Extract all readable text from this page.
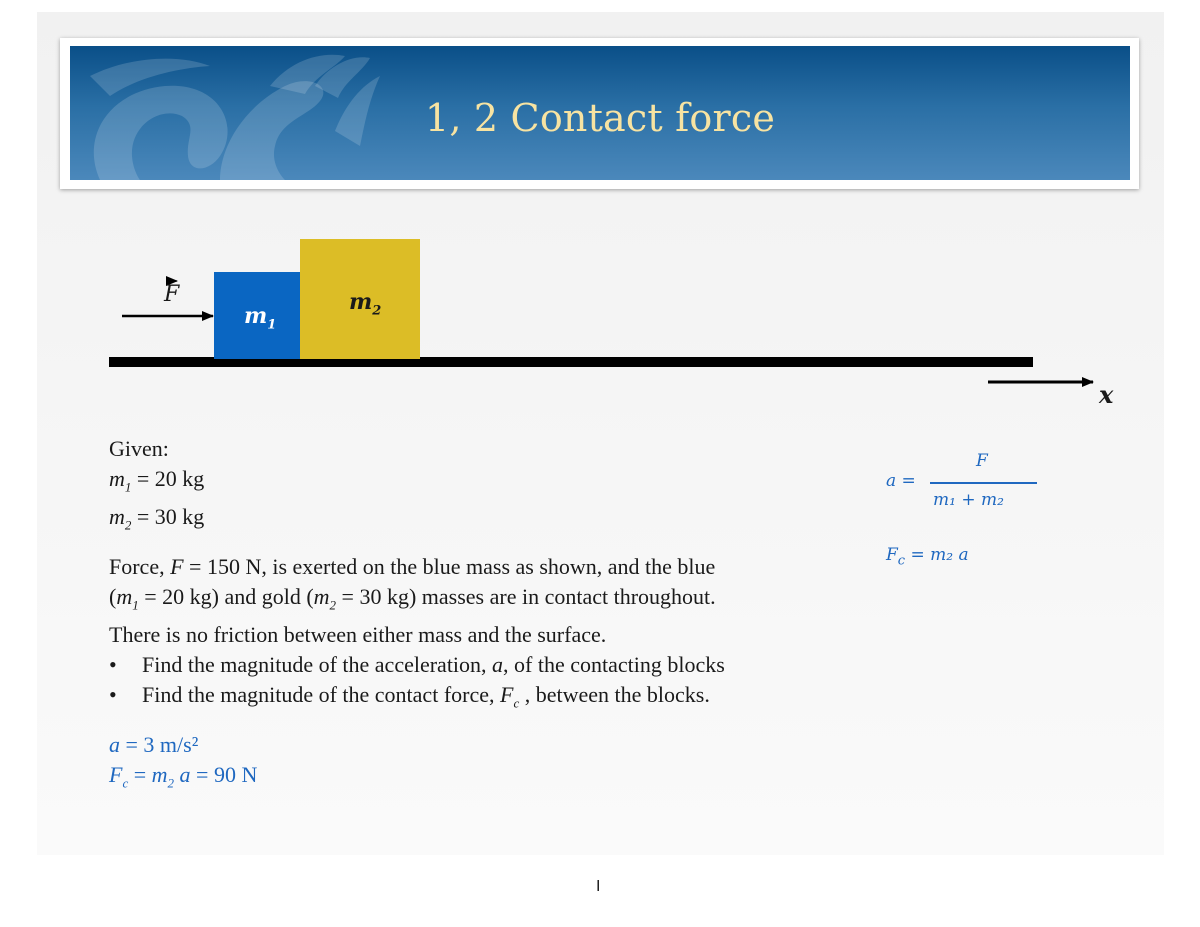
1, 2 Contact force
F
$m_1$
$m_2$
x
Given:
$m_1 = 20$ kg
$m_2 = 30$ kg
Force, F = 150 N, is exerted on the blue mass as shown, and the blue
($m_1 = 20$ kg) and gold ($m_2 = 30$ kg) masses are in contact throughout.
There is no friction between either mass and the surface.
• Find the magnitude of the acceleration, a, of the contacting blocks
• Find the magnitude of the contact force, $F_c$ , between the blocks.
a = 3 m/s²
$F_c = m_2$ a = 90 N
a =
F
m₁ + m₂
$F_c = m_2$ a
I
